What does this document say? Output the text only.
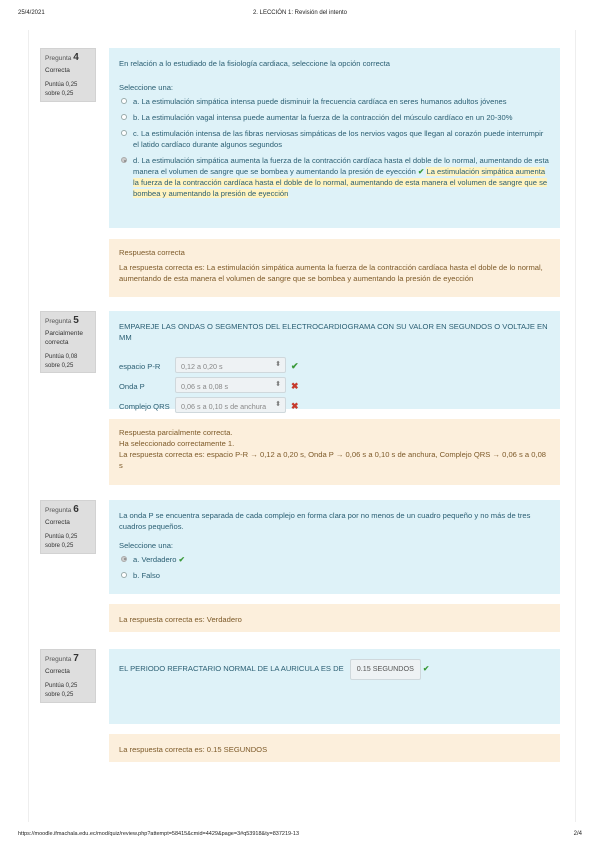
25/4/2021	2. LECCIÓN 1: Revisión del intento
Pregunta 4
Correcta
Puntúa 0,25 sobre 0,25
En relación a lo estudiado de la fisiología cardiaca, seleccione la opción correcta
Seleccione una:
a. La estimulación simpática intensa puede disminuir la frecuencia cardíaca en seres humanos adultos jóvenes
b. La estimulación vagal intensa puede aumentar la fuerza de la contracción del músculo cardíaco en un 20-30%
c. La estimulación intensa de las fibras nerviosas simpáticas de los nervios vagos que llegan al corazón puede interrumpir el latido cardíaco durante algunos segundos
d. La estimulación simpática aumenta la fuerza de la contracción cardíaca hasta el doble de lo normal, aumentando de esta manera el volumen de sangre que se bombea y aumentando la presión de eyección ✔ La estimulación simpática aumenta la fuerza de la contracción cardíaca hasta el doble de lo normal, aumentando de esta manera el volumen de sangre que se bombea y aumentando la presión de eyección
Respuesta correcta
La respuesta correcta es: La estimulación simpática aumenta la fuerza de la contracción cardíaca hasta el doble de lo normal, aumentando de esta manera el volumen de sangre que se bombea y aumentando la presión de eyección
Pregunta 5
Parcialmente correcta
Puntúa 0,08 sobre 0,25
EMPAREJE LAS ONDAS O SEGMENTOS DEL ELECTROCARDIOGRAMA CON SU VALOR EN SEGUNDOS O VOLTAJE EN MM
espacio P-R	0,12 a 0,20 s	⬍ ✔
Onda P	0,06 s a 0,08 s	⬍ ✖
Complejo QRS	0,06 s a 0,10 s de anchura ⬍ ✖
Respuesta parcialmente correcta.
Ha seleccionado correctamente 1.
La respuesta correcta es: espacio P-R → 0,12 a 0,20 s, Onda P → 0,06 s a 0,10 s de anchura, Complejo QRS → 0,06 s a 0,08 s
Pregunta 6
Correcta
Puntúa 0,25 sobre 0,25
La onda P se encuentra separada de cada complejo en forma clara por no menos de un cuadro pequeño y no más de tres cuadros pequeños.
Seleccione una:
a. Verdadero ✔
b. Falso
La respuesta correcta es: Verdadero
Pregunta 7
Correcta
Puntúa 0,25 sobre 0,25
EL PERIODO REFRACTARIO NORMAL DE LA AURICULA ES DE 0.15 SEGUNDOS ✔
La respuesta correcta es: 0.15 SEGUNDOS
https://moodle.ifmachala.edu.ec/mod/quiz/review.php?attempt=58415&cmid=4429&page=3#q53918&ty=837219-13	2/4
